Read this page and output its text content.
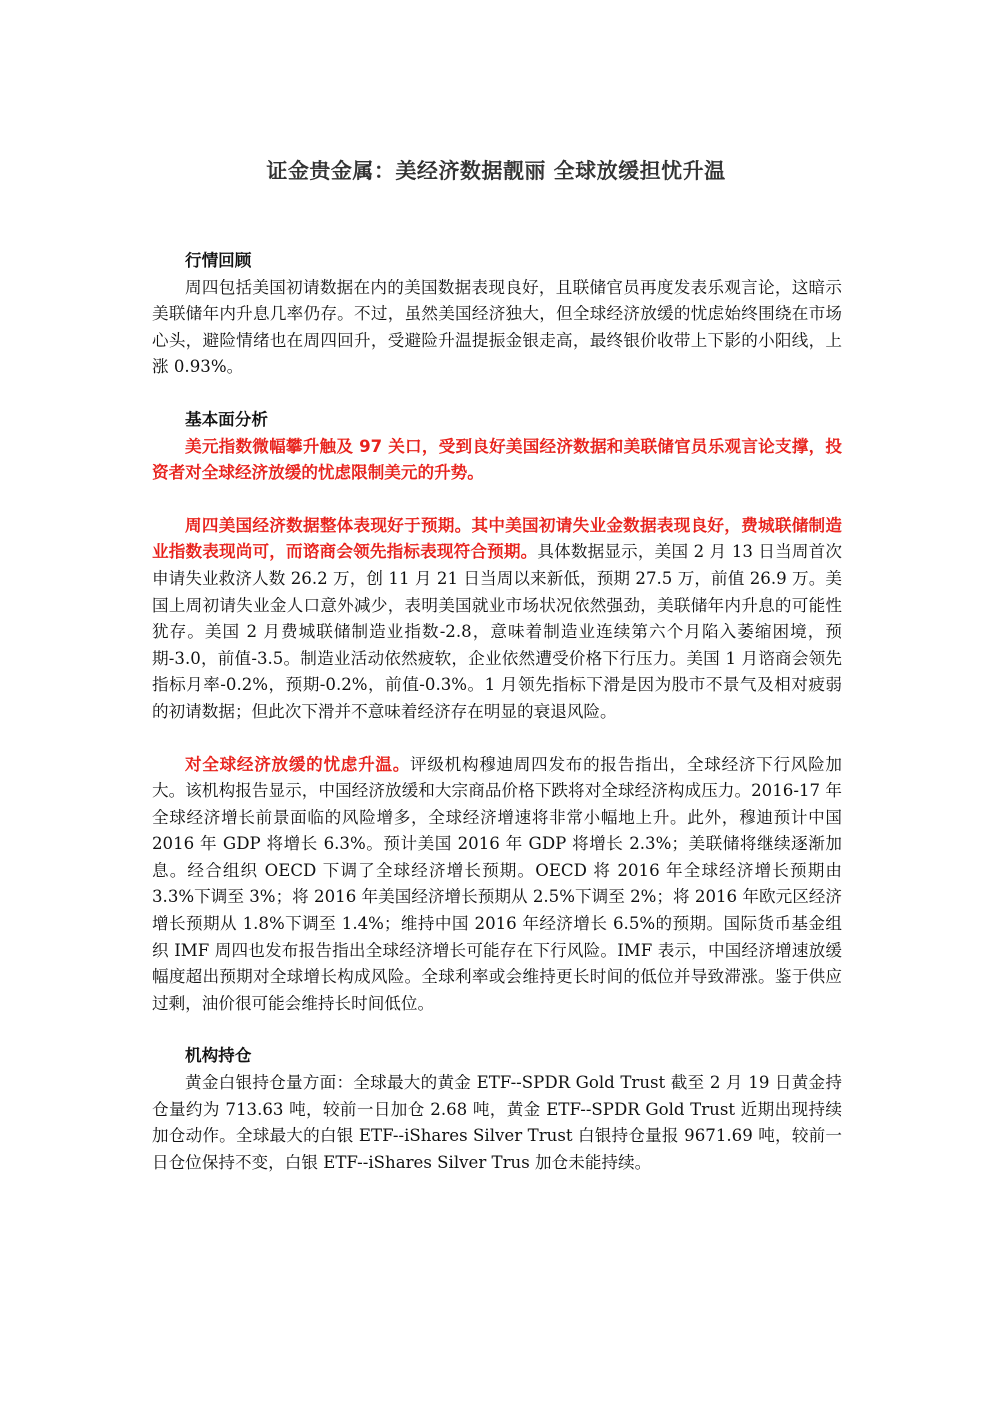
证金贵金属：美经济数据靓丽 全球放缓担忧升温

行情回顾

周四包括美国初请数据在内的美国数据表现良好，且联储官员再度发表乐观言论，这暗示美联储年内升息几率仍存。不过，虽然美国经济独大，但全球经济放缓的忧虑始终围绕在市场心头，避险情绪也在周四回升，受避险升温提振金银走高，最终银价收带上下影的小阳线，上涨 0.93%。

基本面分析

美元指数微幅攀升触及 97 关口，受到良好美国经济数据和美联储官员乐观言论支撑，投资者对全球经济放缓的忧虑限制美元的升势。

周四美国经济数据整体表现好于预期。其中美国初请失业金数据表现良好，费城联储制造业指数表现尚可，而谘商会领先指标表现符合预期。具体数据显示，美国 2 月 13 日当周首次申请失业救济人数 26.2 万，创 11 月 21 日当周以来新低，预期 27.5 万，前值 26.9 万。美国上周初请失业金人口意外减少，表明美国就业市场状况依然强劲，美联储年内升息的可能性犹存。美国 2 月费城联储制造业指数-2.8，意味着制造业连续第六个月陷入萎缩困境，预期-3.0，前值-3.5。制造业活动依然疲软，企业依然遭受价格下行压力。美国 1 月谘商会领先指标月率-0.2%，预期-0.2%，前值-0.3%。1 月领先指标下滑是因为股市不景气及相对疲弱的初请数据；但此次下滑并不意味着经济存在明显的衰退风险。

对全球经济放缓的忧虑升温。评级机构穆迪周四发布的报告指出，全球经济下行风险加大。该机构报告显示，中国经济放缓和大宗商品价格下跌将对全球经济构成压力。2016-17 年全球经济增长前景面临的风险增多，全球经济增速将非常小幅地上升。此外，穆迪预计中国 2016 年 GDP 将增长 6.3%。预计美国 2016 年 GDP 将增长 2.3%；美联储将继续逐渐加息。经合组织 OECD 下调了全球经济增长预期。OECD 将 2016 年全球经济增长预期由 3.3%下调至 3%；将 2016 年美国经济增长预期从 2.5%下调至 2%；将 2016 年欧元区经济增长预期从 1.8%下调至 1.4%；维持中国 2016 年经济增长 6.5%的预期。国际货币基金组织 IMF 周四也发布报告指出全球经济增长可能存在下行风险。IMF 表示，中国经济增速放缓幅度超出预期对全球增长构成风险。全球利率或会维持更长时间的低位并导致滞涨。鉴于供应过剩，油价很可能会维持长时间低位。

机构持仓

黄金白银持仓量方面：全球最大的黄金 ETF--SPDR Gold Trust 截至 2 月 19 日黄金持仓量约为 713.63 吨，较前一日加仓 2.68 吨，黄金 ETF--SPDR Gold Trust 近期出现持续加仓动作。全球最大的白银 ETF--iShares Silver Trust 白银持仓量报 9671.69 吨，较前一日仓位保持不变，白银 ETF--iShares Silver Trus 加仓未能持续。
